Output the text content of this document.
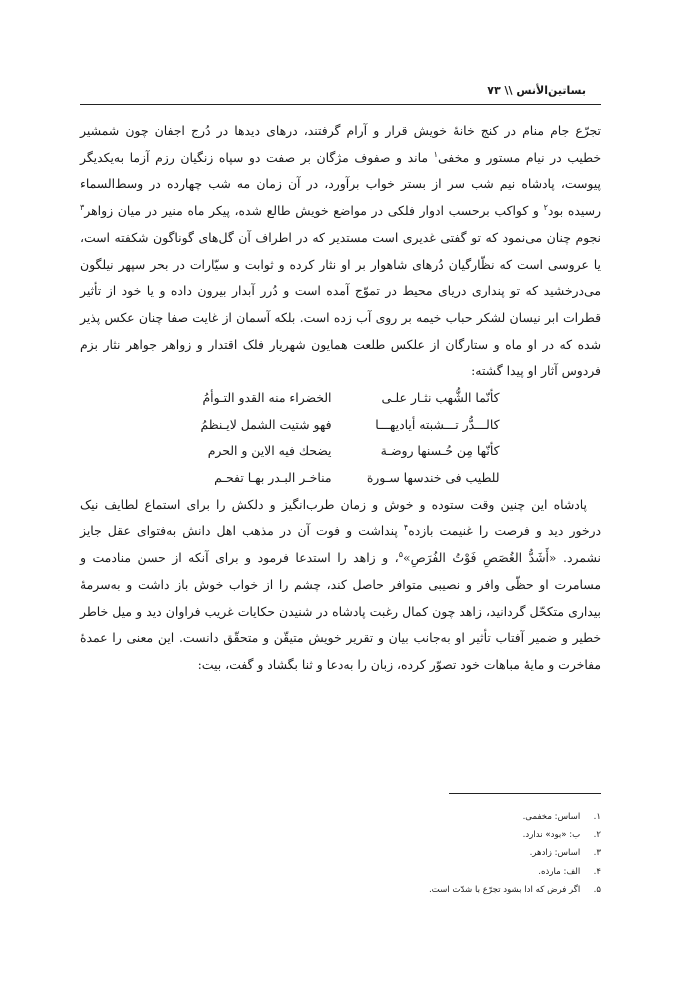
بساتین‌الأنس \\ ۷۳

تجرّع جام منام در کنج خانهٔ خویش قرار و آرام گرفتند، درهای دیدها در دُرج اجفان چون شمشیر خطیب در نیام مستور و مخفی$^۱$ ماند و صفوف مژگان بر صفت دو سپاه زنگیان رزم آزما به‌یکدیگر پیوست، پادشاه نیم شب سر از بستر خواب برآورد، در آن زمان مه شب چهارده در وسط‌السماء رسیده بود$^۲$ و کواکب برحسب ادوار فلکی در مواضع خویش طالع شده، پیکر ماه منیر در میان زواهر$^۳$ نجوم چنان می‌نمود که تو گفتی غدیری است مستدیر که در اطراف آن گل‌های گوناگون شکفته است، یا عروسی است که نظّارگیان دُرهای شاهوار بر او نثار کرده و ثوابت و سیّارات در بحر سپهر نیلگون می‌درخشید که تو پنداری دریای محیط در تموّج آمده است و دُرر آبدار بیرون داده و یا خود از تأثیر قطرات ابر نیسان لشکر حباب خیمه بر روی آب زده است. بلکه آسمان از غایت صفا چنان عکس پذیر شده که در او ماه و ستارگان از علکس طلعت همایون شهریار فلک اقتدار و زواهر جواهر نثار بزم فردوس آثار او پیدا گشته:

كأنّما الشُّهب نثـار علـى
الخضراء منه القدو التـوأمُ
كالـــدُّر تـــشبته أياديهـــا
فهو شتيت الشمل لايـنظمُ
كأنّها مِن حُـسنها روضـة
يضحك فيه الاين و الحرم
للطيب فى خندسها سـورة
مناخـر البـدر بهـا تفحـم

پادشاه این چنین وقت ستوده و خوش و زمان طرب‌انگیز و دلکش را برای استماع لطایف نیک درخور دید و فرصت را غنیمت بازده$^۴$ پنداشت و فوت آن در مذهب اهل دانش به‌فتوای عقل جایز نشمرد. «أَشَدُّ الغُصَصِ فَوْتُ الفُرَصِ»$^۵$، و زاهد را استدعا فرمود و برای آنکه از حسن منادمت و مسامرت او حظّی وافر و نصیبی متوافر حاصل کند، چشم را از خواب خوش باز داشت و به‌سرمهٔ بیداری متکحّل گردانید، زاهد چون کمال رغبت پادشاه در شنیدن حکایات غریب فراوان دید و میل خاطر خطیر و ضمیر آفتاب تأثیر او به‌جانب بیان و تقریر خویش متیقّن و متحقّق دانست. این معنی را عمدهٔ مفاخرت و مایهٔ مباهات خود تصوّر کرده، زبان را به‌دعا و ثنا بگشاد و گفت، بیت:

۱. اساس: مخفمی.
۲. ب: «بود» ندارد.
۳. اساس: زادهر.
۴. الف: مارذه.
۵. اگر فرض که ادا بشود تجرّع با شدّت است.
